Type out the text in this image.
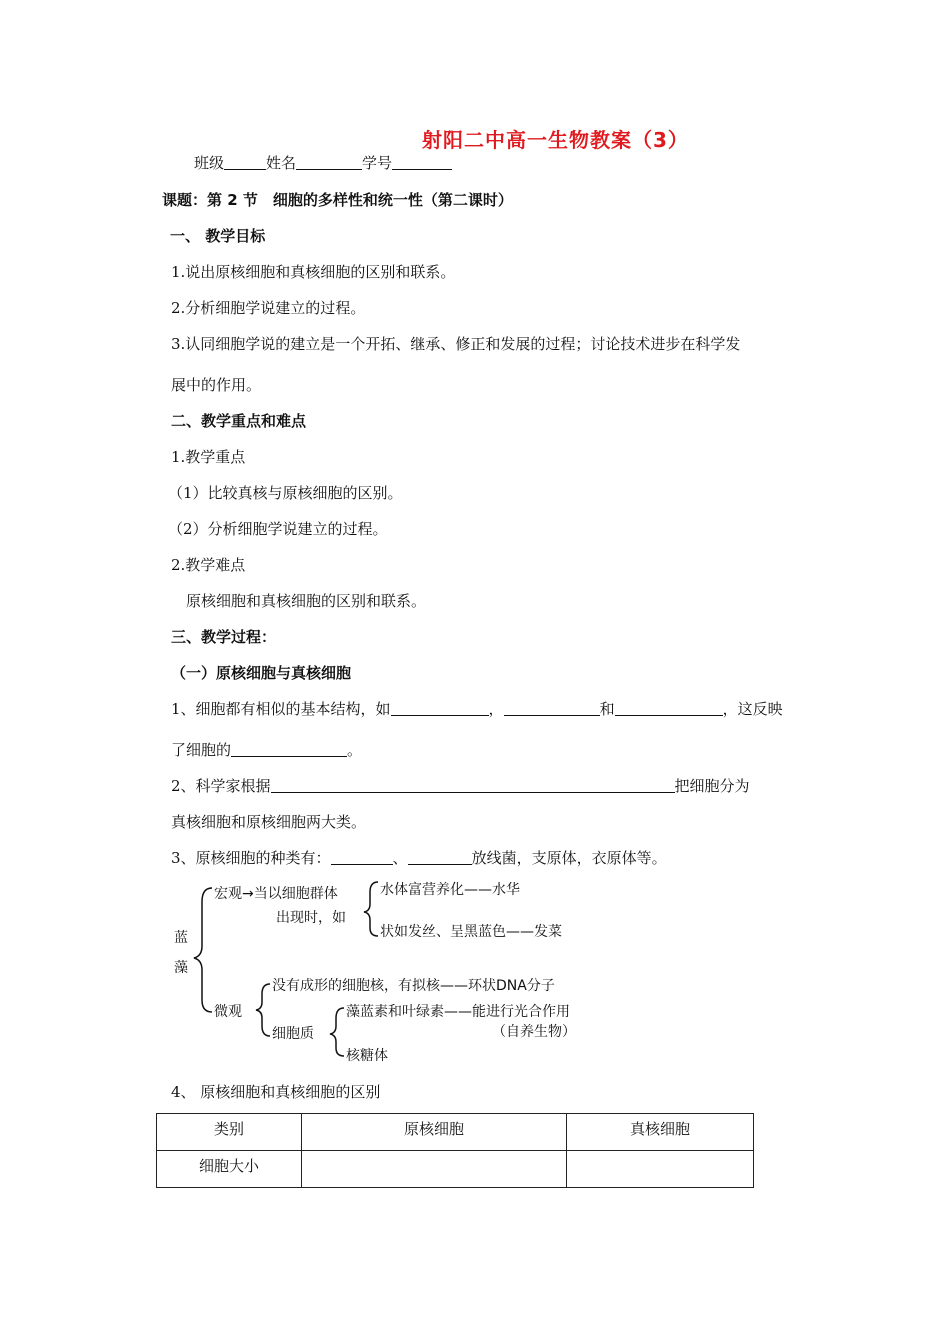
射阳二中高一生物教案（3）
班级	姓名	学号
课题：第 2 节　细胞的多样性和统一性（第二课时）
一、 教学目标
1.说出原核细胞和真核细胞的区别和联系。
2.分析细胞学说建立的过程。
3.认同细胞学说的建立是一个开拓、继承、修正和发展的过程；讨论技术进步在科学发
展中的作用。
二、教学重点和难点
1.教学重点
（1）比较真核与原核细胞的区别。
（2）分析细胞学说建立的过程。
2.教学难点
原核细胞和真核细胞的区别和联系。
三、教学过程：
（一）原核细胞与真核细胞
1、细胞都有相似的基本结构，如	，	和	，这反映
了细胞的	。
2、科学家根据	把细胞分为
真核细胞和原核细胞两大类。
3、原核细胞的种类有：	、	放线菌，支原体，衣原体等。
蓝
藻
宏观→当以细胞群体
出现时，如
水体富营养化——水华
状如发丝、呈黑蓝色——发菜
微观
没有成形的细胞核，有拟核——环状DNA分子
细胞质
藻蓝素和叶绿素——能进行光合作用
（自养生物）
核糖体
4、 原核细胞和真核细胞的区别
类别	原核细胞	真核细胞
细胞大小		
